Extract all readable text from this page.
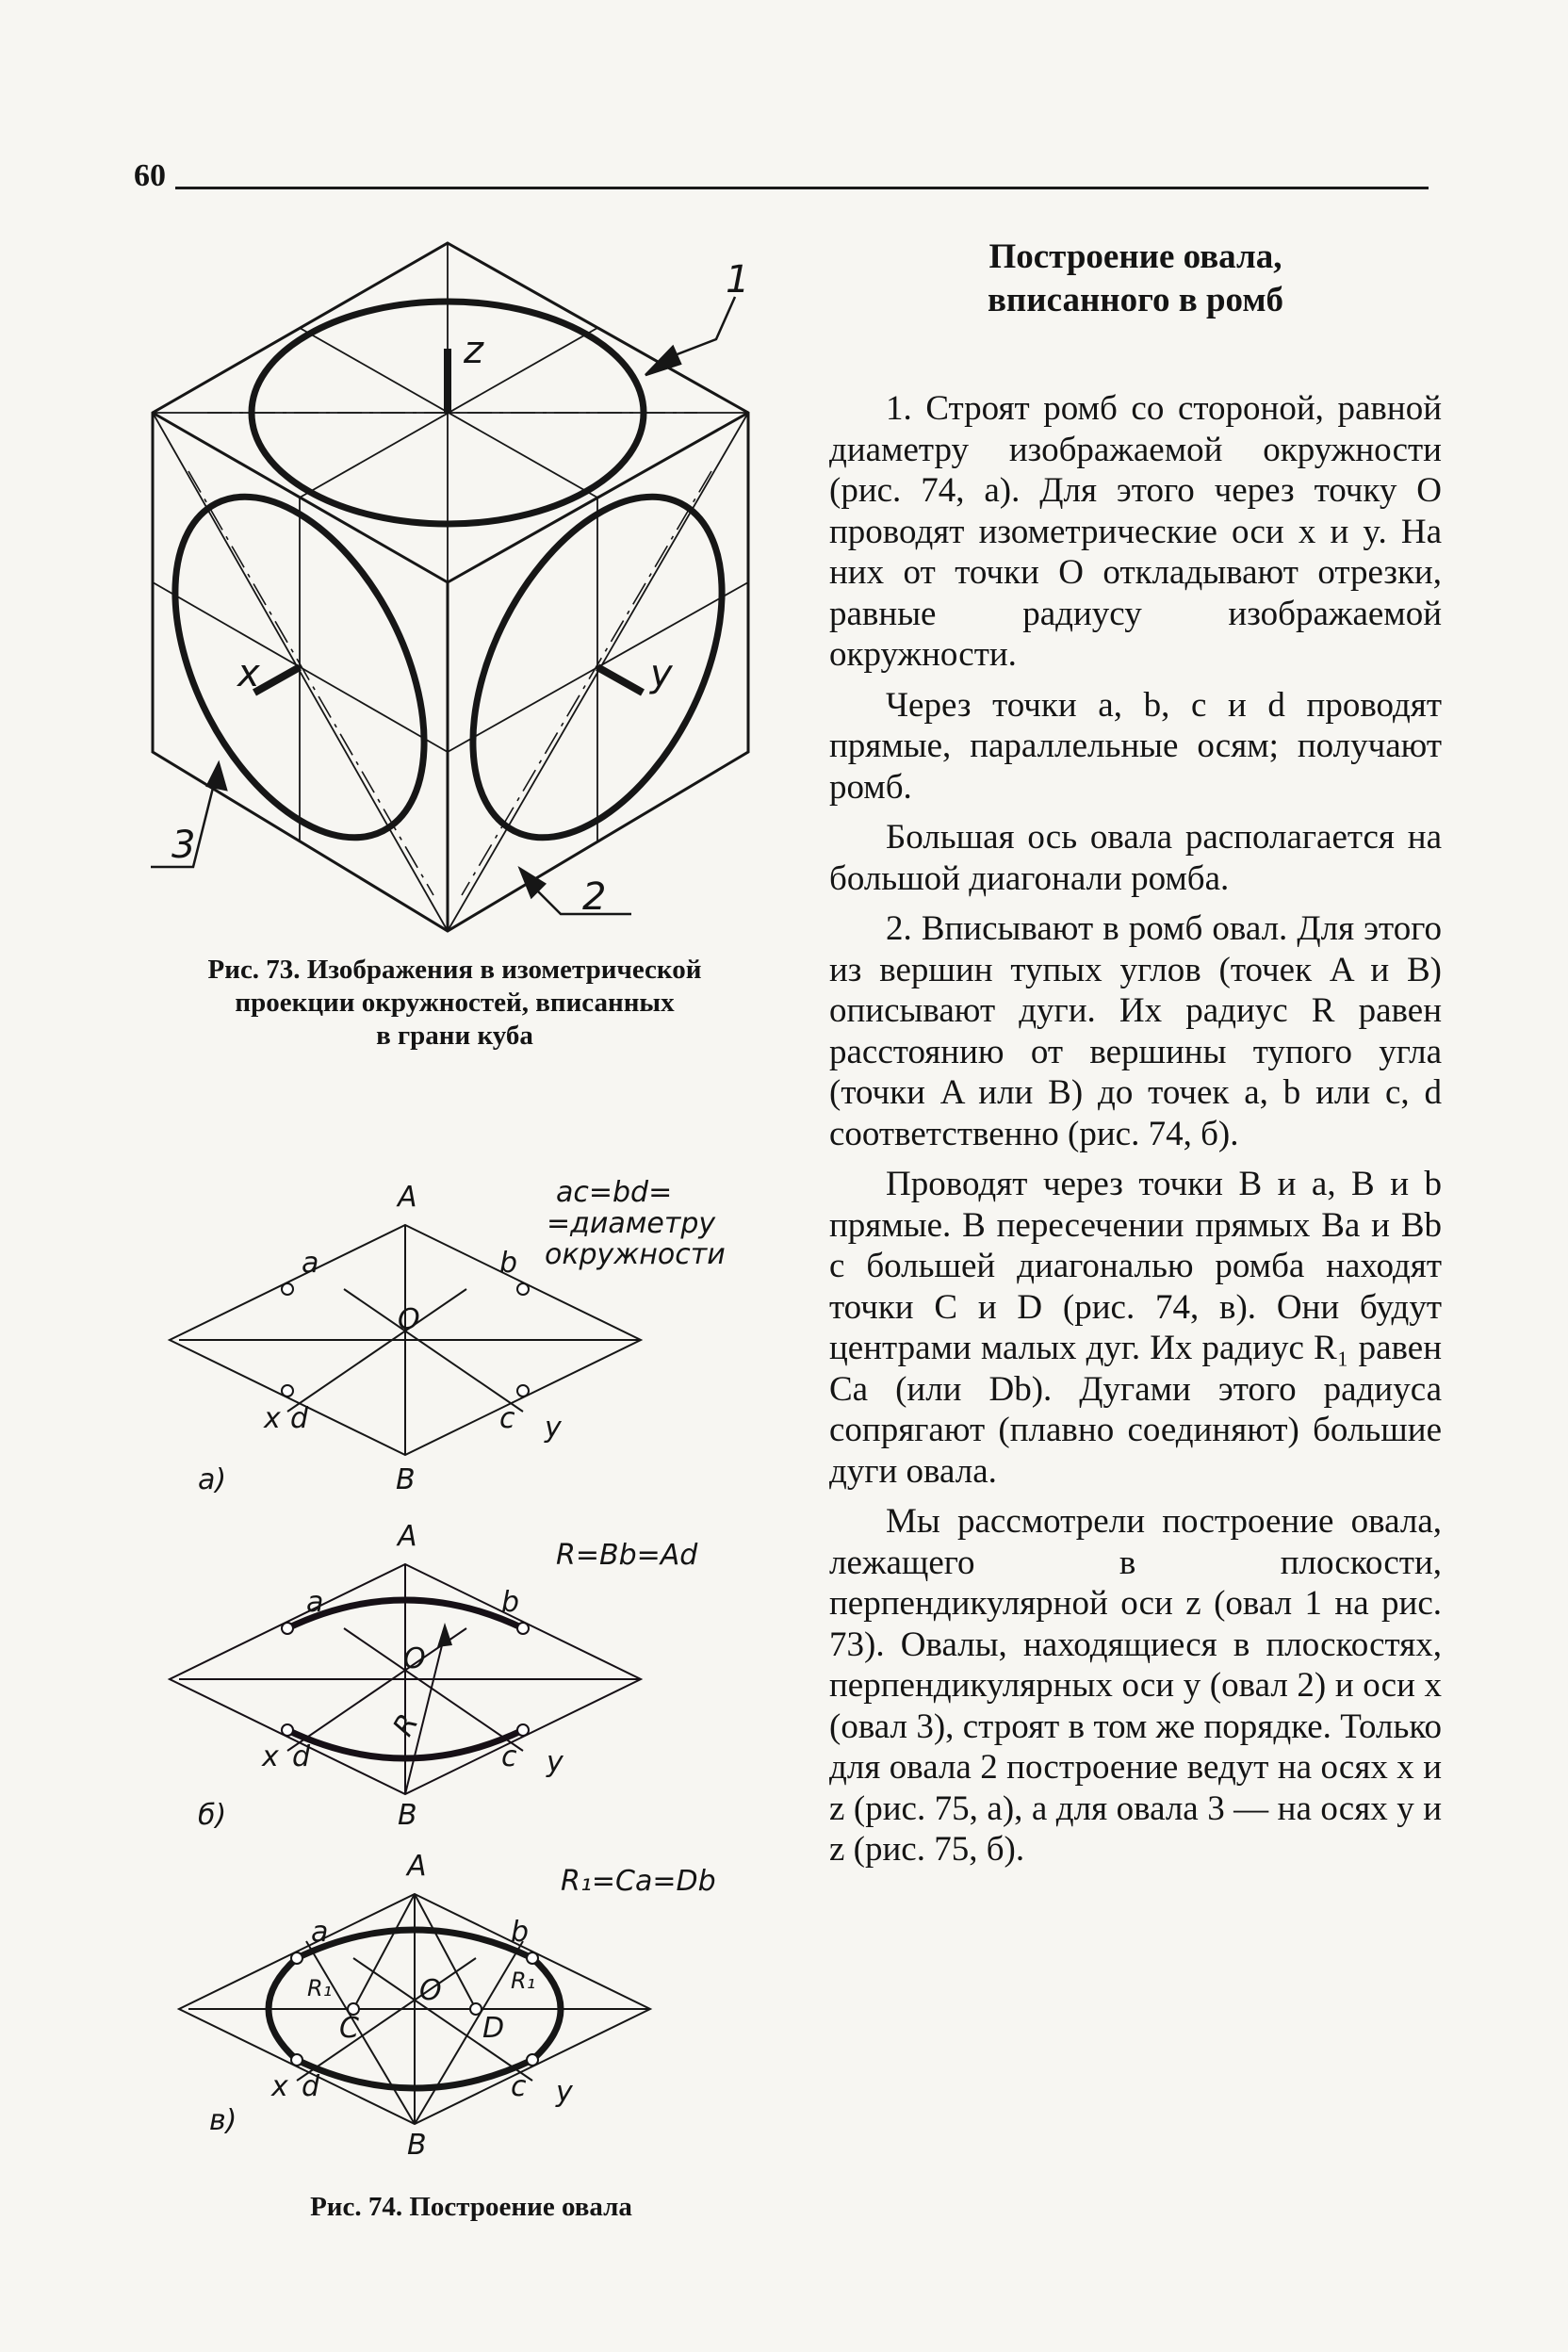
60
z
x	y
1
2
3
Рис. 73. Изображения в изометрической
проекции окружностей, вписанных
в грани куба
A
a	b
O
x d	c y
B
а)
ac=bd=
=диаметру
окружности
A
a	b
O
R
x d	c y
B
б)
R=Bb=Ad
A
a	b
R₁	R₁
O
C	D
x d	c y
B
в)
R₁=Ca=Db
Рис. 74. Построение овала
Построение овала,
вписанного в ромб

1. Строят ромб со стороной, равной диаметру изображаемой окружности (рис. 74, а). Для этого через точку О проводят изометрические оси x и y. На них от точки О откладывают отрезки, равные радиусу изображаемой окружности.

Через точки a, b, c и d проводят прямые, параллельные осям; получают ромб.

Большая ось овала располагается на большой диагонали ромба.

2. Вписывают в ромб овал. Для этого из вершин тупых углов (точек A и B) описывают дуги. Их радиус R равен расстоянию от вершины тупого угла (точки A или B) до точек a, b или c, d соответственно (рис. 74, б).

Проводят через точки B и a, B и b прямые. В пересечении прямых Ba и Bb с большей диагональю ромба находят точки C и D (рис. 74, в). Они будут центрами малых дуг. Их радиус R₁ равен Ca (или Db). Дугами этого радиуса сопрягают (плавно соединяют) большие дуги овала.

Мы рассмотрели построение овала, лежащего в плоскости, перпендикулярной оси z (овал 1 на рис. 73). Овалы, находящиеся в плоскостях, перпендикулярных оси y (овал 2) и оси x (овал 3), строят в том же порядке. Только для овала 2 построение ведут на осях x и z (рис. 75, а), а для овала 3 — на осях y и z (рис. 75, б).
